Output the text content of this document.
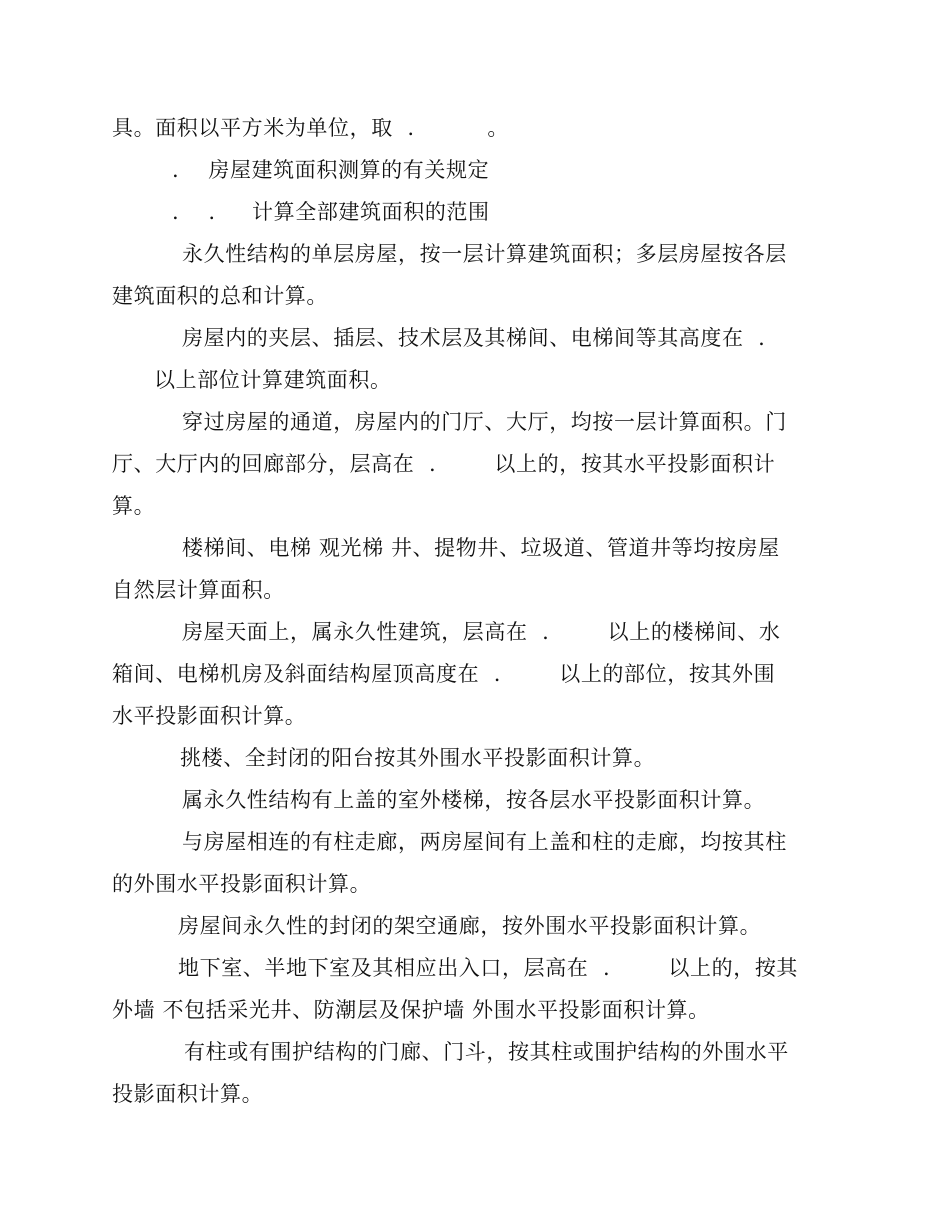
具。面积以平方米为单位，取  .          。
.    房屋建筑面积测算的有关规定
.    .     计算全部建筑面积的范围
永久性结构的单层房屋，按一层计算建筑面积；多层房屋按各层
建筑面积的总和计算。
房屋内的夹层、插层、技术层及其梯间、电梯间等其高度在  .
以上部位计算建筑面积。
穿过房屋的通道，房屋内的门厅、大厅，均按一层计算面积。门
厅、大厅内的回廊部分，层高在  .        以上的，按其水平投影面积计
算。
楼梯间、电梯 观光梯 井、提物井、垃圾道、管道井等均按房屋
自然层计算面积。
房屋天面上，属永久性建筑，层高在  .        以上的楼梯间、水
箱间、电梯机房及斜面结构屋顶高度在  .        以上的部位，按其外围
水平投影面积计算。
挑楼、全封闭的阳台按其外围水平投影面积计算。
属永久性结构有上盖的室外楼梯，按各层水平投影面积计算。
与房屋相连的有柱走廊，两房屋间有上盖和柱的走廊，均按其柱
的外围水平投影面积计算。
房屋间永久性的封闭的架空通廊，按外围水平投影面积计算。
地下室、半地下室及其相应出入口，层高在  .        以上的，按其
外墙 不包括采光井、防潮层及保护墙 外围水平投影面积计算。
有柱或有围护结构的门廊、门斗，按其柱或围护结构的外围水平
投影面积计算。
